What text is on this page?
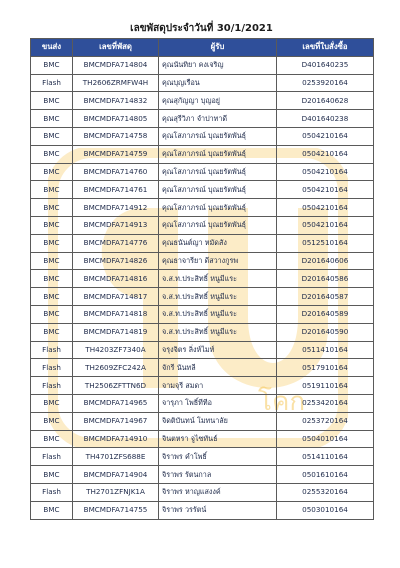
โคก
เลขพัสดุประจำวันที่ 30/1/2021
ขนส่ง	เลขที่พัสดุ	ผู้รับ	เลขที่ใบสั่งซื้อ
BMC	BMCMDFA714804	คุณนันทิยา คงเจริญ	D401640235
Flash	TH2606ZRMFW4H	คุณบุญเรือน	0253920164
BMC	BMCMDFA714832	คุณสุกัญญา บุญอยู่	D201640628
BMC	BMCMDFA714805	คุณสุรีวิภา จำปาทาดี	D401640238
BMC	BMCMDFA714758	คุณโสภาภรณ์ บุณยรัตพันธุ์	0504210164
BMC	BMCMDFA714759	คุณโสภาภรณ์ บุณยรัตพันธุ์	0504210164
BMC	BMCMDFA714760	คุณโสภาภรณ์ บุณยรัตพันธุ์	0504210164
BMC	BMCMDFA714761	คุณโสภาภรณ์ บุณยรัตพันธุ์	0504210164
BMC	BMCMDFA714912	คุณโสภาภรณ์ บุณยรัตพันธุ์	0504210164
BMC	BMCMDFA714913	คุณโสภาภรณ์ บุณยรัตพันธุ์	0504210164
BMC	BMCMDFA714776	คุณธนันต์ญา หมัดสัง	0512510164
BMC	BMCMDFA714826	คุณธาจารียา ดีสวางกูรพ	D201640606
BMC	BMCMDFA714816	จ.ส.ท.ประสิทธิ์ หนูมีแระ	D201640586
BMC	BMCMDFA714817	จ.ส.ท.ประสิทธิ์ หนูมีแระ	D201640587
BMC	BMCMDFA714818	จ.ส.ท.ประสิทธิ์ หนูมีแระ	D201640589
BMC	BMCMDFA714819	จ.ส.ท.ประสิทธิ์ หนูมีแระ	D201640590
Flash	TH4203ZF7340A	จรุงจิตร ลิ่งห์ไมท์	0511410164
Flash	TH2609ZFC242A	จักรี นันทลี	0517910164
Flash	TH2506ZFTTN6D	จามจุรี สมดา	0519110164
BMC	BMCMDFA714965	จารุภา โพธิ์ทีทีอ	0253420164
BMC	BMCMDFA714967	จิดติบันทน์ โมทนาลัย	0253720164
BMC	BMCMDFA714910	จินตหรา จูไซทันธ์	0504010164
Flash	TH4701ZFS688E	จิราพร คำโพธิ์	0514110164
BMC	BMCMDFA714904	จิราพร รัตนกาล	0501610164
Flash	TH2701ZFNJK1A	จิราพร หาญแสงงค์	0255320164
BMC	BMCMDFA714755	จิราพร วรรัตน์	0503010164
